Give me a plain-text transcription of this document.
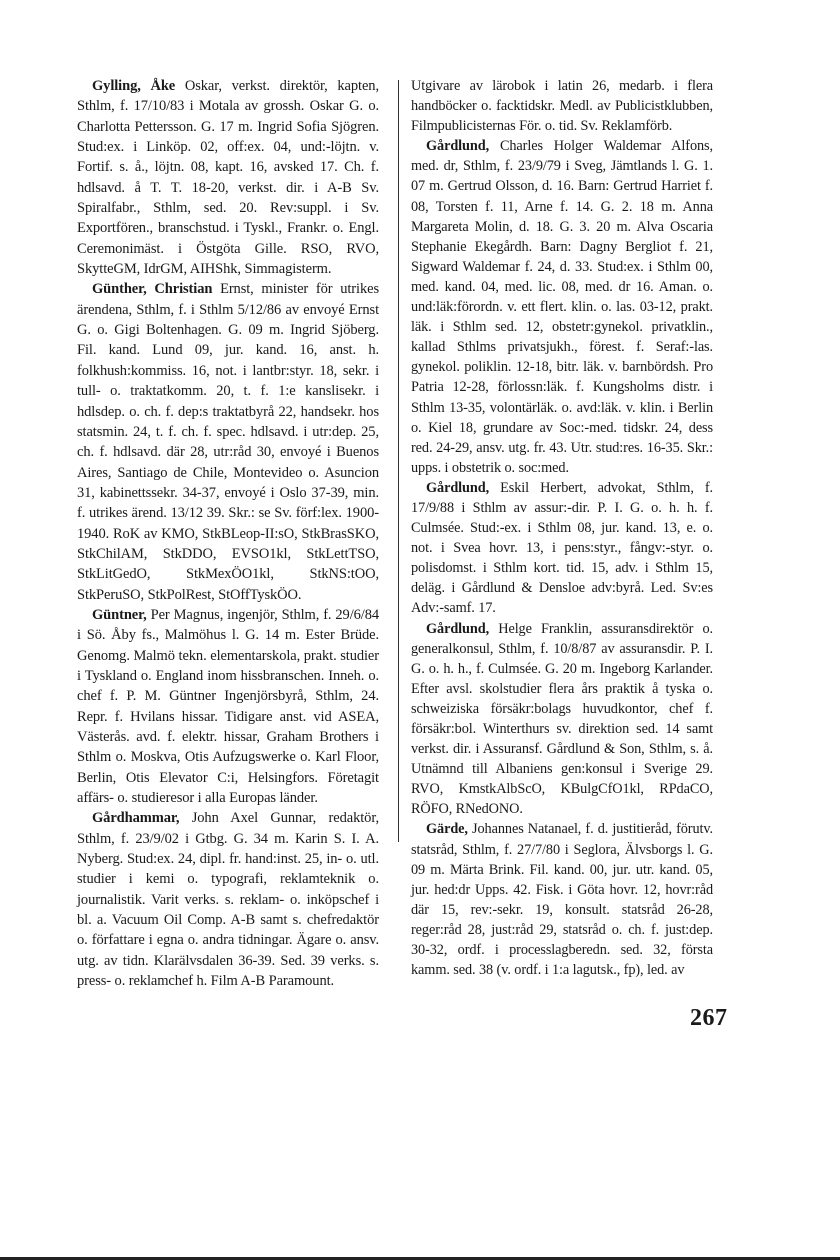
Gylling, Åke Oskar, verkst. direktör, kapten, Sthlm, f. 17/10/83 i Motala av grossh. Oskar G. o. Charlotta Pettersson. G. 17 m. Ingrid Sofia Sjögren. Stud:ex. i Linköp. 02, off:ex. 04, und:-löjtn. v. Fortif. s. å., löjtn. 08, kapt. 16, avsked 17. Ch. f. hdlsavd. å T. T. 18-20, verkst. dir. i A-B Sv. Spiralfabr., Sthlm, sed. 20. Rev:suppl. i Sv. Exportfören., branschstud. i Tyskl., Frankr. o. Engl. Ceremonimäst. i Östgöta Gille. RSO, RVO, SkytteGM, IdrGM, AIHShk, Simmagisterm.

Günther, Christian Ernst, minister för utrikes ärendena, Sthlm, f. i Sthlm 5/12/86 av envoyé Ernst G. o. Gigi Boltenhagen. G. 09 m. Ingrid Sjöberg. Fil. kand. Lund 09, jur. kand. 16, anst. h. folkhush:kommiss. 16, not. i lantbr:styr. 18, sekr. i tull- o. traktatkomm. 20, t. f. 1:e kanslisekr. i hdlsdep. o. ch. f. dep:s traktatbyrå 22, handsekr. hos statsmin. 24, t. f. ch. f. spec. hdlsavd. i utr:dep. 25, ch. f. hdlsavd. där 28, utr:råd 30, envoyé i Buenos Aires, Santiago de Chile, Montevideo o. Asuncion 31, kabinettssekr. 34-37, envoyé i Oslo 37-39, min. f. utrikes ärend. 13/12 39. Skr.: se Sv. förf:lex. 1900-1940. RoK av KMO, StkBLeop-II:sO, StkBrasSKO, StkChilAM, StkDDO, EVSO1kl, StkLettTSO, StkLitGedO, StkMexÖO1kl, StkNS:tOO, StkPeruSO, StkPolRest, StOffTyskÖO.

Güntner, Per Magnus, ingenjör, Sthlm, f. 29/6/84 i Sö. Åby fs., Malmöhus l. G. 14 m. Ester Brüde. Genomg. Malmö tekn. elementarskola, prakt. studier i Tyskland o. England inom hissbranschen. Inneh. o. chef f. P. M. Güntner Ingenjörsbyrå, Sthlm, 24. Repr. f. Hvilans hissar. Tidigare anst. vid ASEA, Västerås. avd. f. elektr. hissar, Graham Brothers i Sthlm o. Moskva, Otis Aufzugswerke o. Karl Floor, Berlin, Otis Elevator C:i, Helsingfors. Företagit affärs- o. studieresor i alla Europas länder.

Gårdhammar, John Axel Gunnar, redaktör, Sthlm, f. 23/9/02 i Gtbg. G. 34 m. Karin S. I. A. Nyberg. Stud:ex. 24, dipl. fr. hand:inst. 25, in- o. utl. studier i kemi o. typografi, reklamteknik o. journalistik. Varit verks. s. reklam- o. inköpschef i bl. a. Vacuum Oil Comp. A-B samt s. chefredaktör o. författare i egna o. andra tidningar. Ägare o. ansv. utg. av tidn. Klarälvsdalen 36-39. Sed. 39 verks. s. press- o. reklamchef h. Film A-B Paramount.

Utgivare av lärobok i latin 26, medarb. i flera handböcker o. facktidskr. Medl. av Publicistklubben, Filmpublicisternas För. o. tid. Sv. Reklamförb.

Gårdlund, Charles Holger Waldemar Alfons, med. dr, Sthlm, f. 23/9/79 i Sveg, Jämtlands l. G. 1. 07 m. Gertrud Olsson, d. 16. Barn: Gertrud Harriet f. 08, Torsten f. 11, Arne f. 14. G. 2. 18 m. Anna Margareta Molin, d. 18. G. 3. 20 m. Alva Oscaria Stephanie Ekegårdh. Barn: Dagny Bergliot f. 21, Sigward Waldemar f. 24, d. 33. Stud:ex. i Sthlm 00, med. kand. 04, med. lic. 08, med. dr 16. Aman. o. und:läk:förordn. v. ett flert. klin. o. las. 03-12, prakt. läk. i Sthlm sed. 12, obstetr:gynekol. privatklin., kallad Sthlms privatsjukh., förest. f. Seraf:-las. gynekol. poliklin. 12-18, bitr. läk. v. barnbördsh. Pro Patria 12-28, förlossn:läk. f. Kungsholms distr. i Sthlm 13-35, volontärläk. o. avd:läk. v. klin. i Berlin o. Kiel 18, grundare av Soc:-med. tidskr. 24, dess red. 24-29, ansv. utg. fr. 43. Utr. stud:res. 16-35. Skr.: upps. i obstetrik o. soc:med.

Gårdlund, Eskil Herbert, advokat, Sthlm, f. 17/9/88 i Sthlm av assur:-dir. P. I. G. o. h. h. f. Culmsée. Stud:-ex. i Sthlm 08, jur. kand. 13, e. o. not. i Svea hovr. 13, i pens:styr., fångv:-styr. o. polisdomst. i Sthlm kort. tid. 15, adv. i Sthlm 15, deläg. i Gårdlund & Densloe adv:byrå. Led. Sv:es Adv:-samf. 17.

Gårdlund, Helge Franklin, assuransdirektör o. generalkonsul, Sthlm, f. 10/8/87 av assuransdir. P. I. G. o. h. h., f. Culmsée. G. 20 m. Ingeborg Karlander. Efter avsl. skolstudier flera års praktik å tyska o. schweiziska försäkr:bolags huvudkontor, chef f. försäkr:bol. Winterthurs sv. direktion sed. 14 samt verkst. dir. i Assuransf. Gårdlund & Son, Sthlm, s. å. Utnämnd till Albaniens gen:konsul i Sverige 29. RVO, KmstkAlbScO, KBulgCfO1kl, RPdaCO, RÖFO, RNedONO.

Gärde, Johannes Natanael, f. d. justitieråd, förutv. statsråd, Sthlm, f. 27/7/80 i Seglora, Älvsborgs l. G. 09 m. Märta Brink. Fil. kand. 00, jur. utr. kand. 05, jur. hed:dr Upps. 42. Fisk. i Göta hovr. 12, hovr:råd där 15, rev:-sekr. 19, konsult. statsråd 26-28, reger:råd 28, just:råd 29, statsråd o. ch. f. just:dep. 30-32, ordf. i processlagberedn. sed. 32, första kamm. sed. 38 (v. ordf. i 1:a lagutsk., fp), led. av

267
